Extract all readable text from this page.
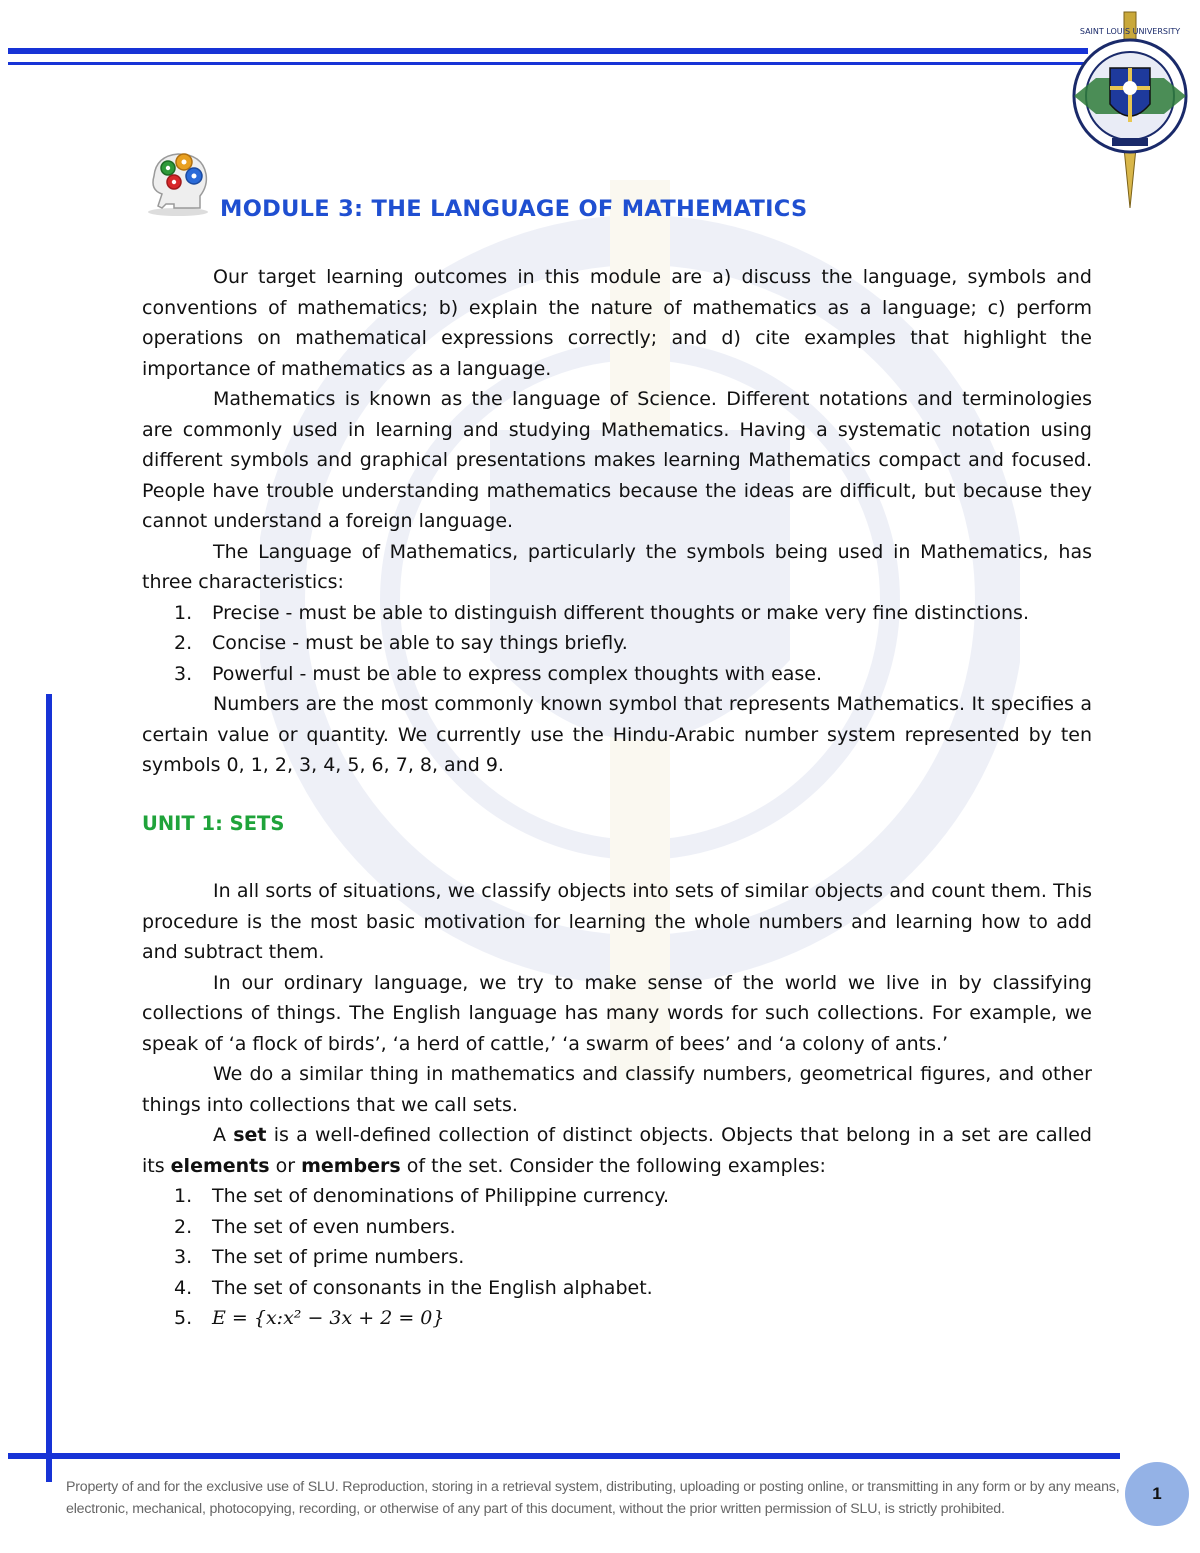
SAINT LOUIS UNIVERSITY
MODULE 3: THE LANGUAGE OF MATHEMATICS

Our target learning outcomes in this module are a) discuss the language, symbols and conventions of mathematics; b) explain the nature of mathematics as a language; c) perform operations on mathematical expressions correctly; and d) cite examples that highlight the importance of mathematics as a language.

Mathematics is known as the language of Science. Different notations and terminologies are commonly used in learning and studying Mathematics. Having a systematic notation using different symbols and graphical presentations makes learning Mathematics compact and focused. People have trouble understanding mathematics because the ideas are difficult, but because they cannot understand a foreign language.

The Language of Mathematics, particularly the symbols being used in Mathematics, has three characteristics:

1. Precise - must be able to distinguish different thoughts or make very fine distinctions.
2. Concise - must be able to say things briefly.
3. Powerful - must be able to express complex thoughts with ease.

Numbers are the most commonly known symbol that represents Mathematics. It specifies a certain value or quantity. We currently use the Hindu-Arabic number system represented by ten symbols 0, 1, 2, 3, 4, 5, 6, 7, 8, and 9.

UNIT 1: SETS

In all sorts of situations, we classify objects into sets of similar objects and count them. This procedure is the most basic motivation for learning the whole numbers and learning how to add and subtract them.

In our ordinary language, we try to make sense of the world we live in by classifying collections of things. The English language has many words for such collections. For example, we speak of ‘a flock of birds’, ‘a herd of cattle,’ ‘a swarm of bees’ and ‘a colony of ants.’

We do a similar thing in mathematics and classify numbers, geometrical figures, and other things into collections that we call sets.

A set is a well-defined collection of distinct objects. Objects that belong in a set are called its elements or members of the set. Consider the following examples:

1. The set of denominations of Philippine currency.
2. The set of even numbers.
3. The set of prime numbers.
4. The set of consonants in the English alphabet.
5. E = {x:x² − 3x + 2 = 0}
Property of and for the exclusive use of SLU. Reproduction, storing in a retrieval system, distributing, uploading or posting online, or transmitting in any form or by any means, electronic, mechanical, photocopying, recording, or otherwise of any part of this document, without the prior written permission of SLU, is strictly prohibited.
1
